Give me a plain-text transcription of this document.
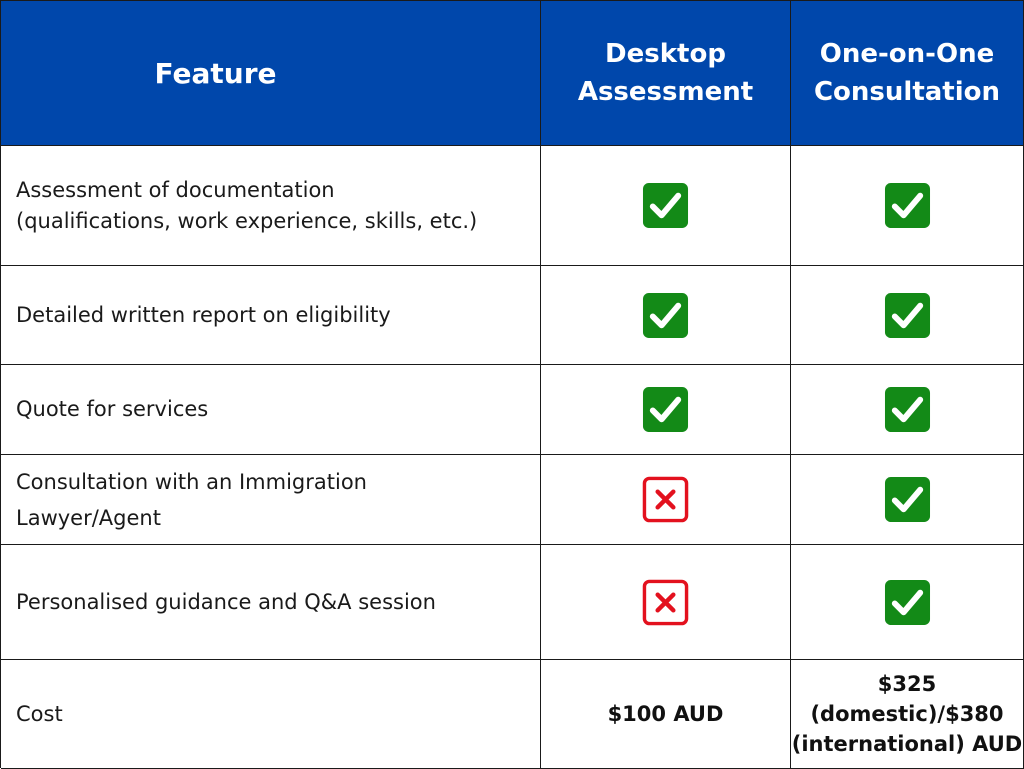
Feature
Desktop
Assessment
One-on-One
Consultation
Assessment of documentation
(qualifications, work experience, skills, etc.)
Detailed written report on eligibility
Quote for services
Consultation with an Immigration
Lawyer/Agent
Personalised guidance and Q&A session
Cost	$100 AUD
$325
(domestic)/$380
(international) AUD
